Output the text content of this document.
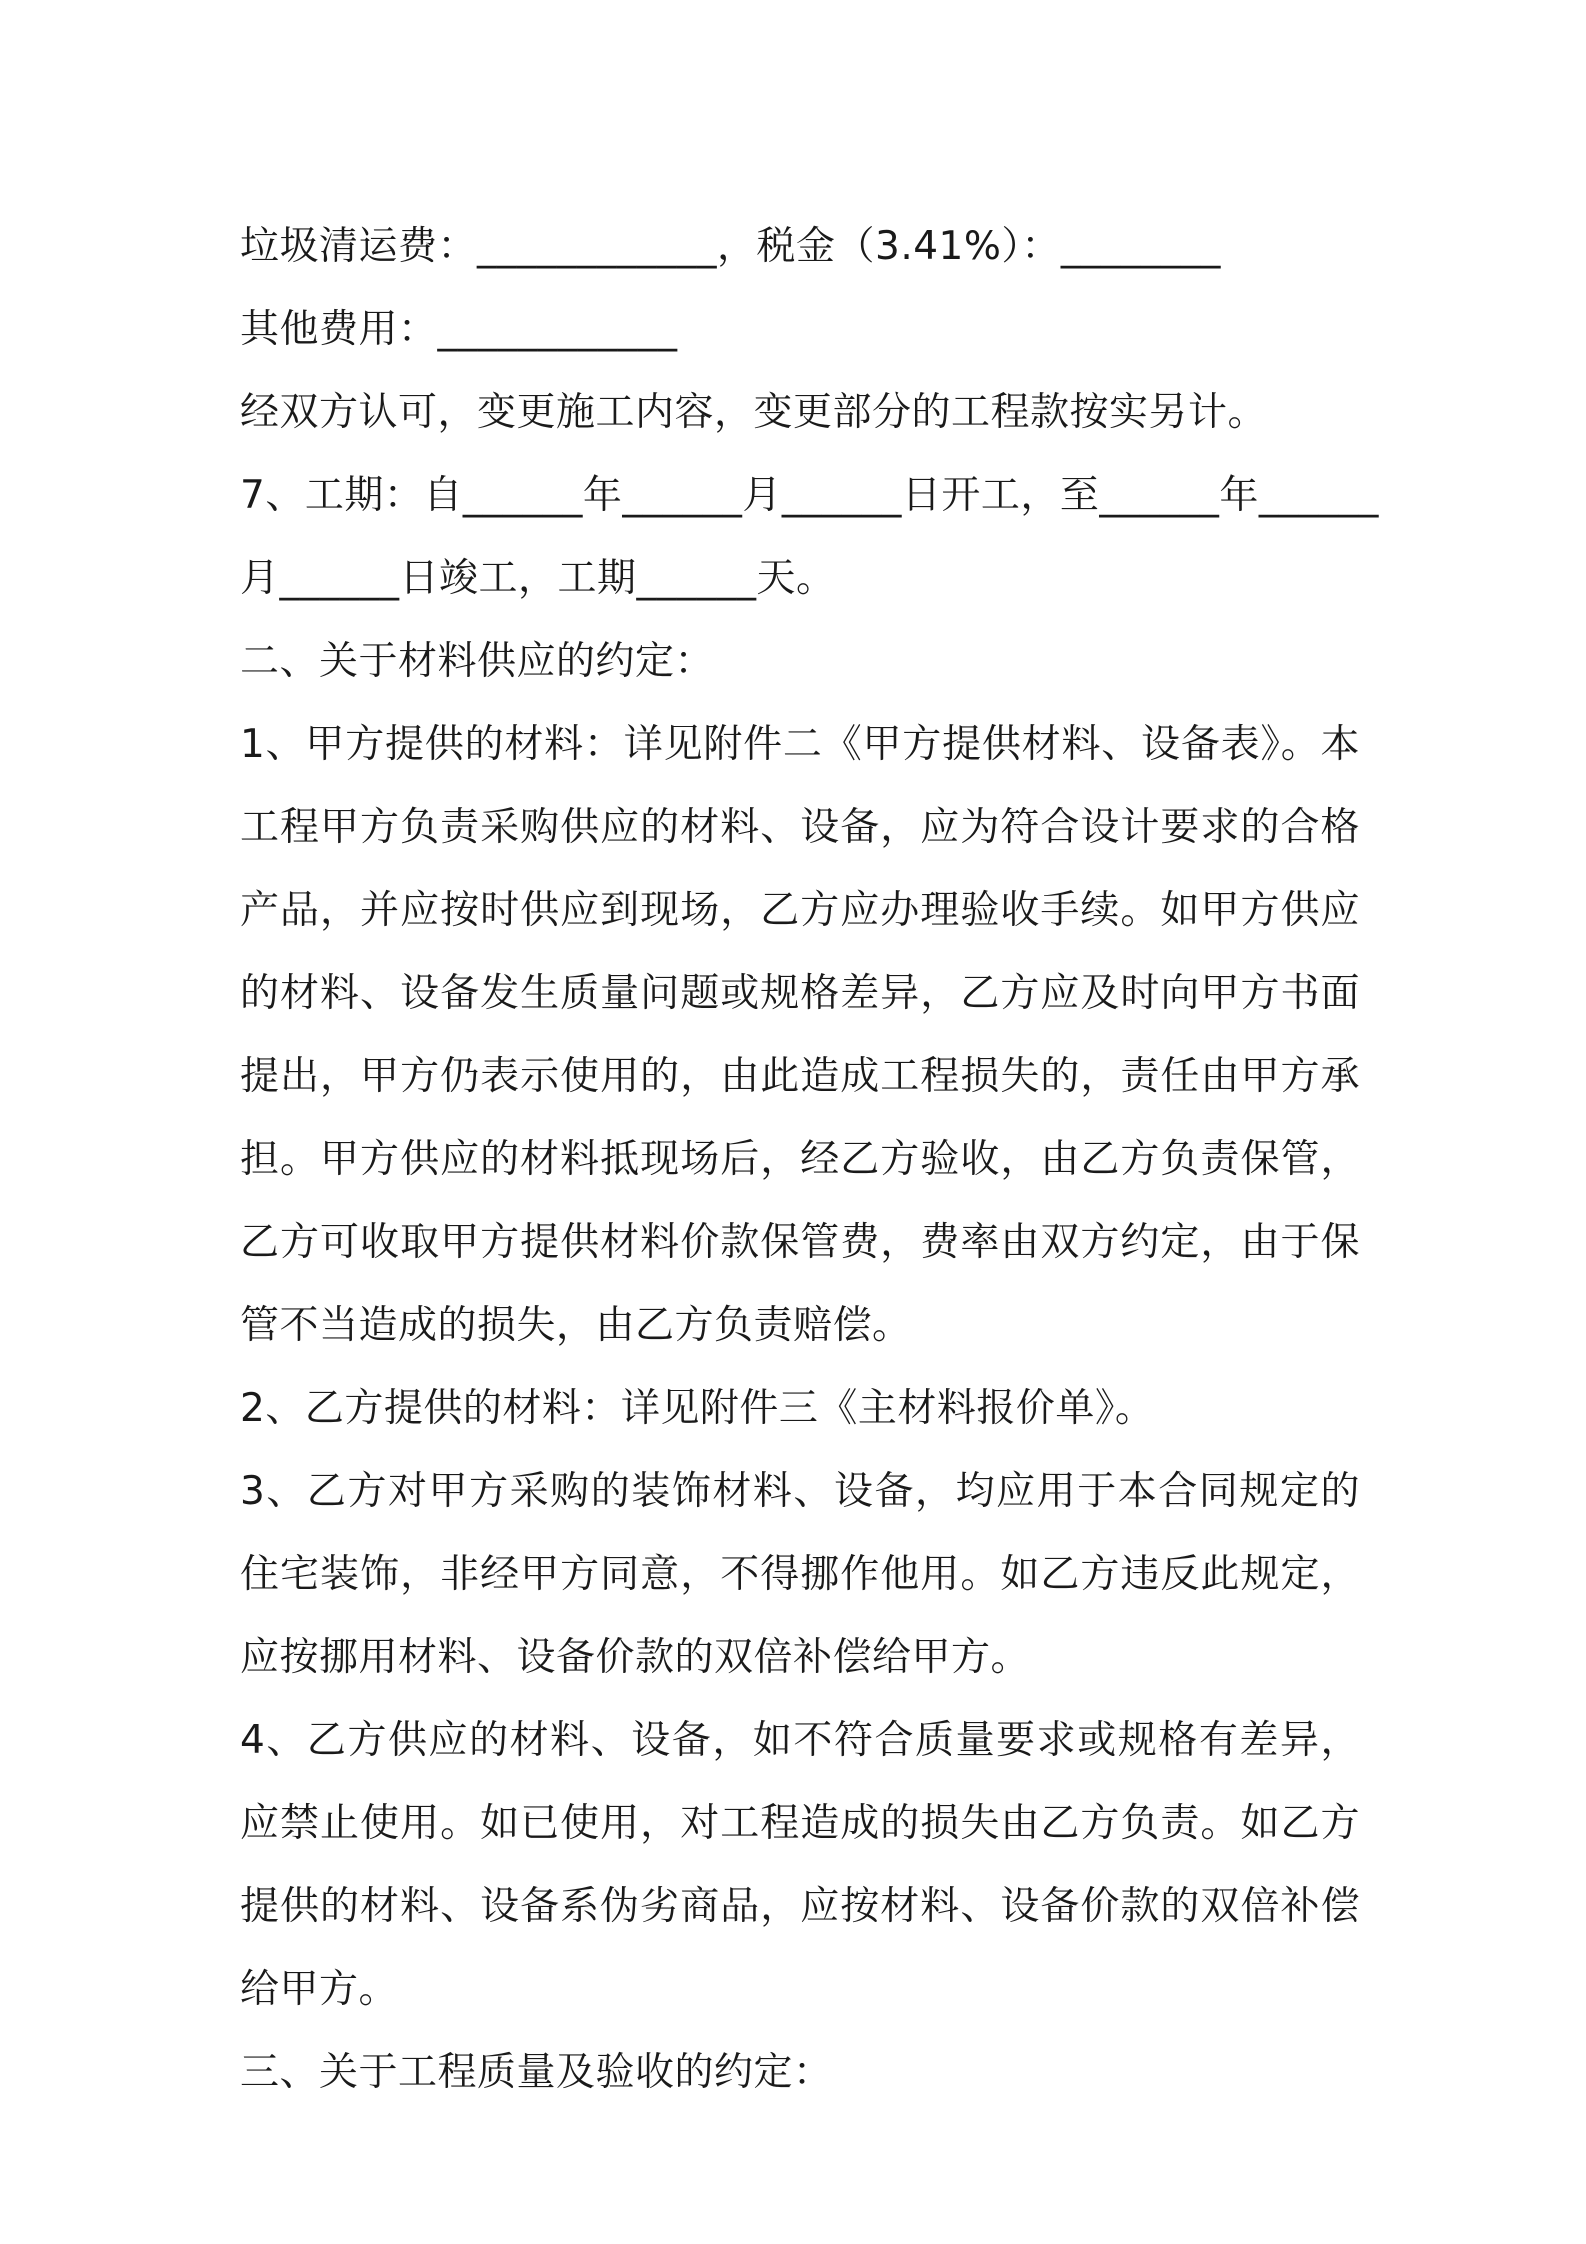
垃圾清运费：____________，税金（3.41%）：________

其他费用：____________

经双方认可，变更施工内容，变更部分的工程款按实另计。

7、工期：自______年______月______日开工，至______年______

月______日竣工，工期______天。

二、关于材料供应的约定：

1、甲方提供的材料：详见附件二《甲方提供材料、设备表》。本工程甲方负责采购供应的材料、设备，应为符合设计要求的合格产品，并应按时供应到现场，乙方应办理验收手续。如甲方供应的材料、设备发生质量问题或规格差异，乙方应及时向甲方书面提出，甲方仍表示使用的，由此造成工程损失的，责任由甲方承担。甲方供应的材料抵现场后，经乙方验收，由乙方负责保管，乙方可收取甲方提供材料价款保管费，费率由双方约定，由于保管不当造成的损失，由乙方负责赔偿。

2、乙方提供的材料：详见附件三《主材料报价单》。

3、乙方对甲方采购的装饰材料、设备，均应用于本合同规定的住宅装饰，非经甲方同意，不得挪作他用。如乙方违反此规定，应按挪用材料、设备价款的双倍补偿给甲方。

4、乙方供应的材料、设备，如不符合质量要求或规格有差异，应禁止使用。如已使用，对工程造成的损失由乙方负责。如乙方提供的材料、设备系伪劣商品，应按材料、设备价款的双倍补偿给甲方。

三、关于工程质量及验收的约定：
